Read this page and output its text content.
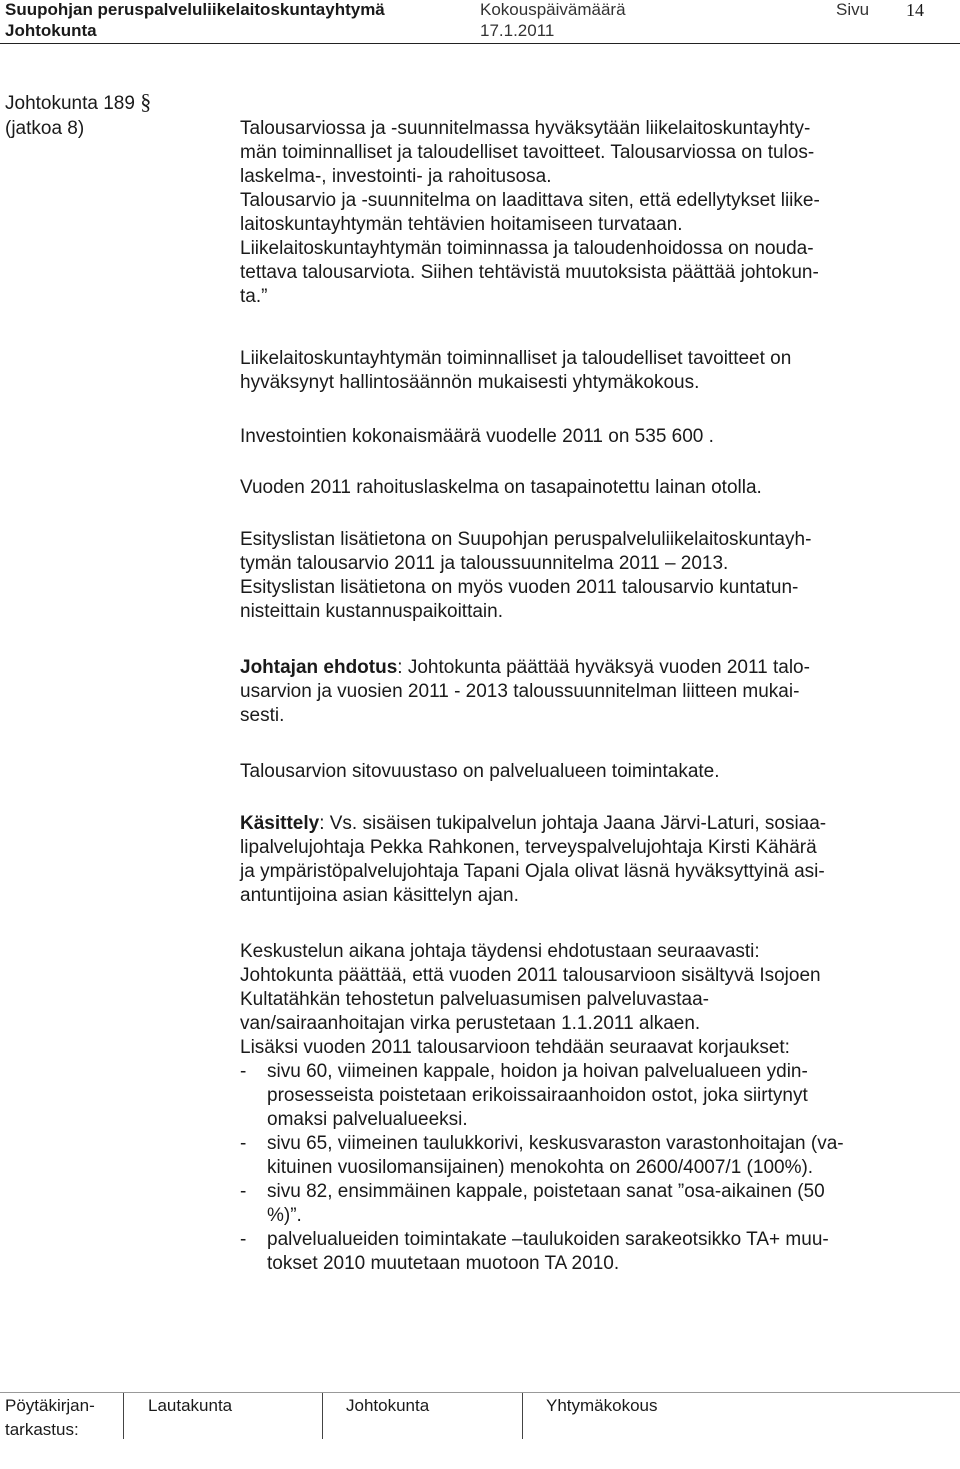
Suupohjan peruspalveluliikelaitoskuntayhtymä	Kokouspäivämäärä	Sivu 14
Johtokunta	17.1.2011
Johtokunta 189 §
(jatkoa 8)	Talousarviossa ja -suunnitelmassa hyväksytään liikelaitoskuntayhty-
män toiminnalliset ja taloudelliset tavoitteet. Talousarviossa on tulos-
laskelma-, investointi- ja rahoitusosa.
Talousarvio ja -suunnitelma on laadittava siten, että edellytykset liike-
laitoskuntayhtymän tehtävien hoitamiseen turvataan.
Liikelaitoskuntayhtymän toiminnassa ja taloudenhoidossa on nouda-
tettava talousarviota. Siihen tehtävistä muutoksista päättää johtokun-
ta.”
Liikelaitoskuntayhtymän toiminnalliset ja taloudelliset tavoitteet on
hyväksynyt hallintosäännön mukaisesti yhtymäkokous.
Investointien kokonaismäärä vuodelle 2011 on 535 600 .
Vuoden 2011 rahoituslaskelma on tasapainotettu lainan otolla.
Esityslistan lisätietona on Suupohjan peruspalveluliikelaitoskuntayh-
tymän talousarvio 2011 ja taloussuunnitelma 2011 – 2013.
Esityslistan lisätietona on myös vuoden 2011 talousarvio kuntatun-
nisteittain kustannuspaikoittain.
Johtajan ehdotus: Johtokunta päättää hyväksyä vuoden 2011 talo-
usarvion ja vuosien 2011 - 2013 taloussuunnitelman liitteen mukai-
sesti.
Talousarvion sitovuustaso on palvelualueen toimintakate.
Käsittely: Vs. sisäisen tukipalvelun johtaja Jaana Järvi-Laturi, sosiaa-
lipalvelujohtaja Pekka Rahkonen, terveyspalvelujohtaja Kirsti Kähärä
ja ympäristöpalvelujohtaja Tapani Ojala olivat läsnä hyväksyttyinä asi-
antuntijoina asian käsittelyn ajan.
Keskustelun aikana johtaja täydensi ehdotustaan seuraavasti:
Johtokunta päättää, että vuoden 2011 talousarvioon sisältyvä Isojoen
Kultatähkän tehostetun palveluasumisen palveluvastaa-
van/sairaanhoitajan virka perustetaan 1.1.2011 alkaen.
Lisäksi vuoden 2011 talousarvioon tehdään seuraavat korjaukset:
-	sivu 60, viimeinen kappale, hoidon ja hoivan palvelualueen ydin-
prosesseista poistetaan erikoissairaanhoidon ostot, joka siirtynyt
omaksi palvelualueeksi.
-	sivu 65, viimeinen taulukkorivi, keskusvaraston varastonhoitajan (va-
kituinen vuosilomansijainen) menokohta on 2600/4007/1 (100%).
-	sivu 82, ensimmäinen kappale, poistetaan sanat ”osa-aikainen (50
%)”.
-	palvelualueiden toimintakate –taulukoiden sarakeotsikko TA+ muu-
tokset 2010 muutetaan muotoon TA 2010.
Pöytäkirjan-
tarkastus:
Lautakunta	Johtokunta	Yhtymäkokous
